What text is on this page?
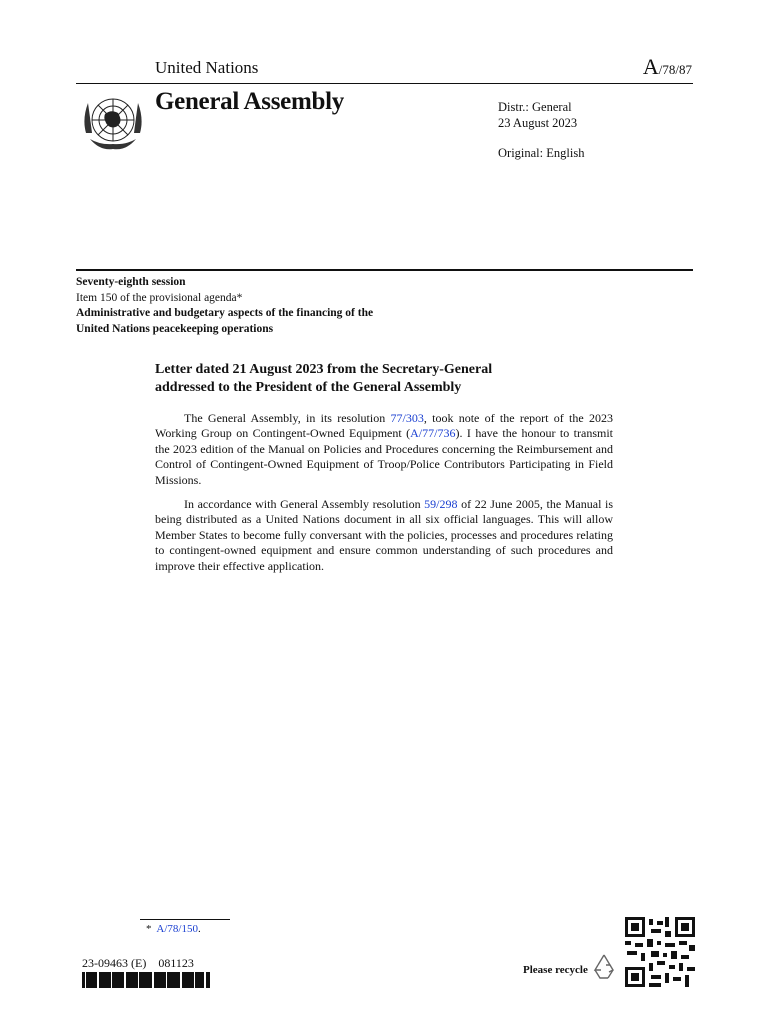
United Nations	A/78/87
General Assembly	Distr.: General
23 August 2023
Original: English
Seventy-eighth session
Item 150 of the provisional agenda*
Administrative and budgetary aspects of the financing of the
United Nations peacekeeping operations
Letter dated 21 August 2023 from the Secretary-General
addressed to the President of the General Assembly

The General Assembly, in its resolution 77/303, took note of the report of the 2023 Working Group on Contingent-Owned Equipment (A/77/736). I have the honour to transmit the 2023 edition of the Manual on Policies and Procedures concerning the Reimbursement and Control of Contingent-Owned Equipment of Troop/Police Contributors Participating in Field Missions.

In accordance with General Assembly resolution 59/298 of 22 June 2005, the Manual is being distributed as a United Nations document in all six official languages. This will allow Member States to become fully conversant with the policies, processes and procedures relating to contingent-owned equipment and ensure common understanding of such procedures and improve their effective application.

* A/78/150.
23-09463 (E)    081123	Please recycle
